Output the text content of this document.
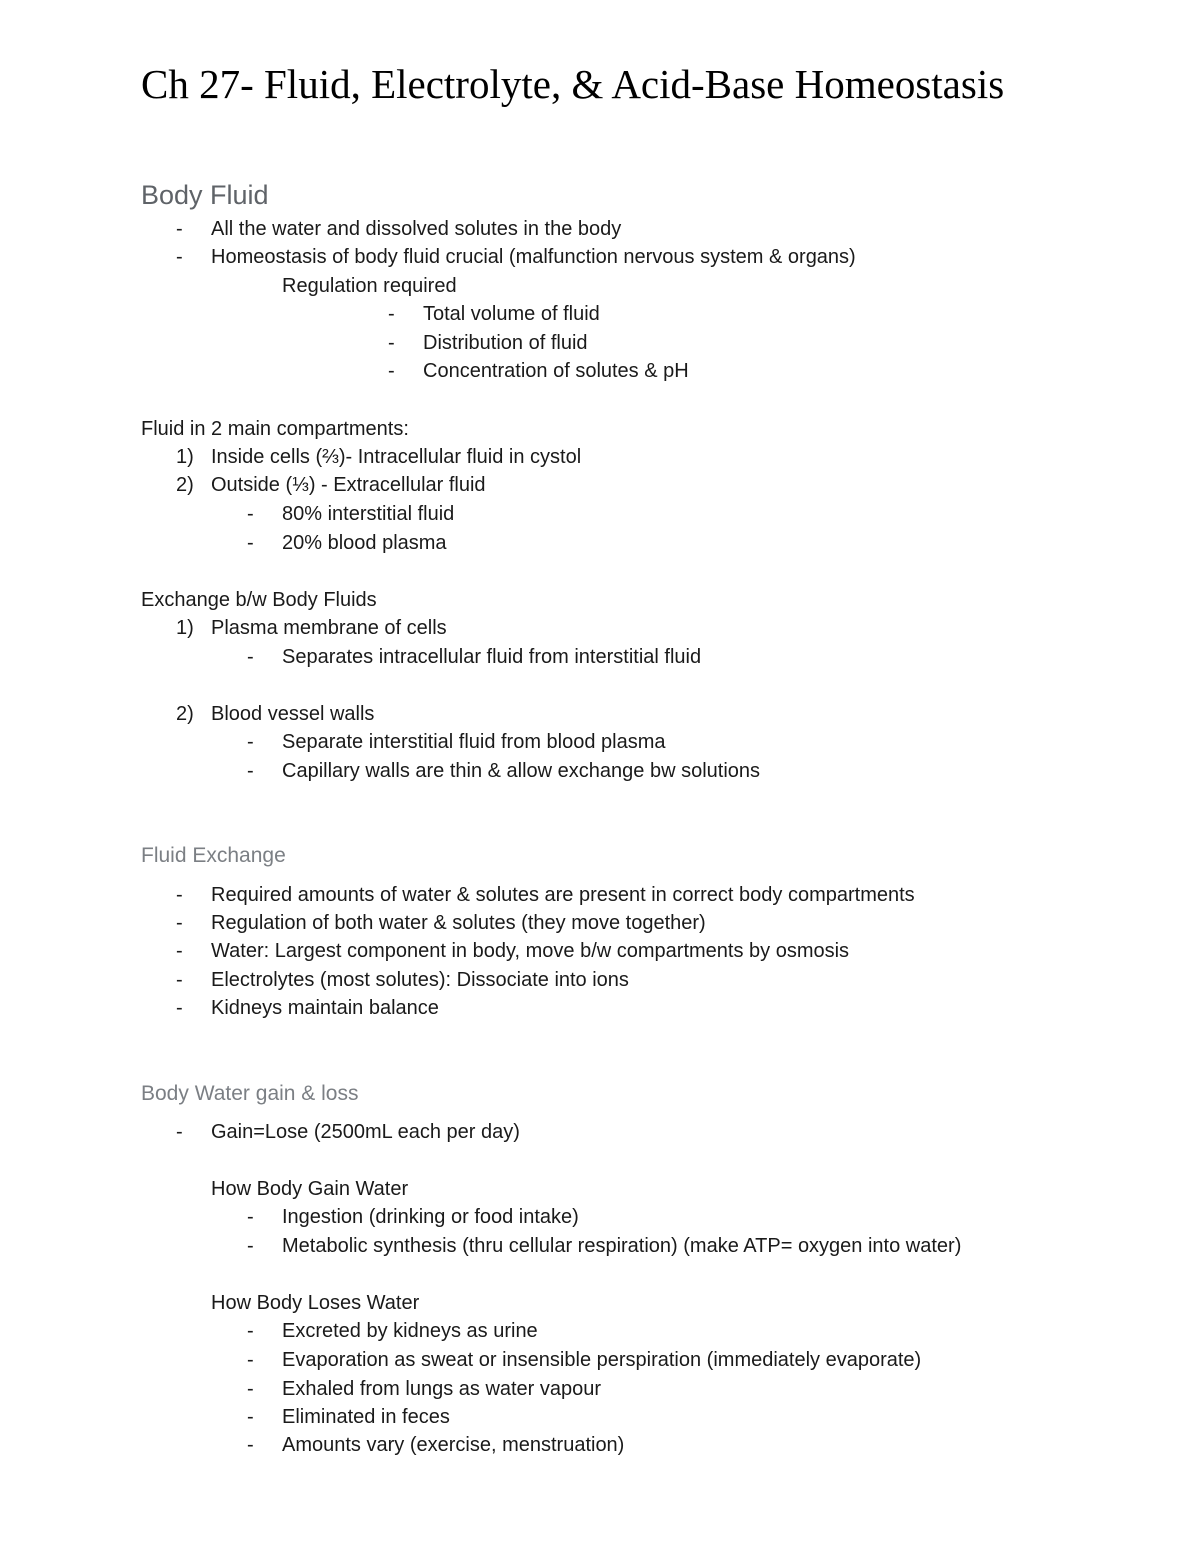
Ch 27- Fluid, Electrolyte, & Acid-Base Homeostasis
Body Fluid
- All the water and dissolved solutes in the body
- Homeostasis of body fluid crucial (malfunction nervous system & organs)
Regulation required
- Total volume of fluid
- Distribution of fluid
- Concentration of solutes & pH
Fluid in 2 main compartments:
1) Inside cells (⅔)- Intracellular fluid in cystol
2) Outside (⅓) - Extracellular fluid
- 80% interstitial fluid
- 20% blood plasma
Exchange b/w Body Fluids
1) Plasma membrane of cells
- Separates intracellular fluid from interstitial fluid
2) Blood vessel walls
- Separate interstitial fluid from blood plasma
- Capillary walls are thin & allow exchange bw solutions
Fluid Exchange
- Required amounts of water & solutes are present in correct body compartments
- Regulation of both water & solutes (they move together)
- Water: Largest component in body, move b/w compartments by osmosis
- Electrolytes (most solutes): Dissociate into ions
- Kidneys maintain balance
Body Water gain & loss
- Gain=Lose (2500mL each per day)
How Body Gain Water
- Ingestion (drinking or food intake)
- Metabolic synthesis (thru cellular respiration) (make ATP= oxygen into water)
How Body Loses Water
- Excreted by kidneys as urine
- Evaporation as sweat or insensible perspiration (immediately evaporate)
- Exhaled from lungs as water vapour
- Eliminated in feces
- Amounts vary (exercise, menstruation)
